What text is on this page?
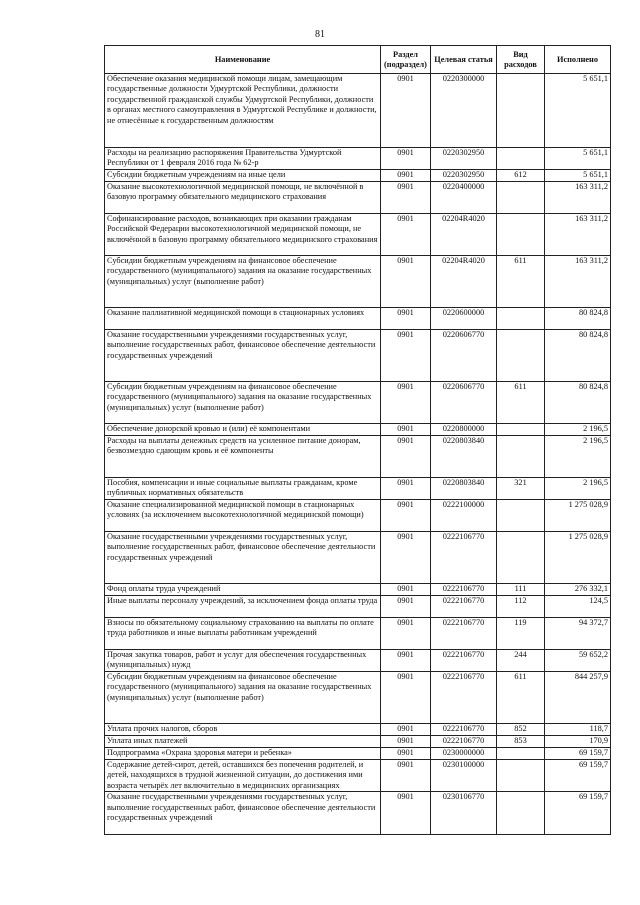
81
Наименование	Раздел (подраздел)	Целевая статья	Вид расходов	Исполнено
Обеспечение оказания медицинской помощи лицам, замещающим государственные должности Удмуртской Республики, должности государственной гражданской службы Удмуртской Республики, должности в органах местного самоуправления в Удмуртской Республике и должности, не отнесённые к государственным должностям	0901	0220300000		5 651,1
Расходы на реализацию распоряжения Правительства Удмуртской Республики от 1 февраля 2016 года № 62-р	0901	0220302950		5 651,1
Субсидии бюджетным учреждениям на иные цели	0901	0220302950	612	5 651,1
Оказание высокотехнологичной медицинской помощи, не включённой в базовую программу обязательного медицинского страхования	0901	0220400000		163 311,2
Софинансирование расходов, возникающих при оказании гражданам Российской Федерации высокотехнологичной медицинской помощи, не включённой в базовую программу обязательного медицинского страхования	0901	02204R4020		163 311,2
Субсидии бюджетным учреждениям на финансовое обеспечение государственного (муниципального) задания на оказание государственных (муниципальных) услуг (выполнение работ)	0901	02204R4020	611	163 311,2
Оказание паллиативной медицинской помощи в стационарных условиях	0901	0220600000		80 824,8
Оказание государственными учреждениями государственных услуг, выполнение государственных работ, финансовое обеспечение деятельности государственных учреждений	0901	0220606770		80 824,8
Субсидии бюджетным учреждениям на финансовое обеспечение государственного (муниципального) задания на оказание государственных (муниципальных) услуг (выполнение работ)	0901	0220606770	611	80 824,8
Обеспечение донорской кровью и (или) её компонентами	0901	0220800000		2 196,5
Расходы на выплаты денежных средств на усиленное питание донорам, безвозмездно сдающим кровь и её компоненты	0901	0220803840		2 196,5
Пособия, компенсации и иные социальные выплаты гражданам, кроме публичных нормативных обязательств	0901	0220803840	321	2 196,5
Оказание специализированной медицинской помощи в стационарных условиях (за исключением высокотехнологичной медицинской помощи)	0901	0222100000		1 275 028,9
Оказание государственными учреждениями государственных услуг, выполнение государственных работ, финансовое обеспечение деятельности государственных учреждений	0901	0222106770		1 275 028,9
Фонд оплаты труда учреждений	0901	0222106770	111	276 332,1
Иные выплаты персоналу учреждений, за исключением фонда оплаты труда	0901	0222106770	112	124,5
Взносы по обязательному социальному страхованию на выплаты по оплате труда работников и иные выплаты работникам учреждений	0901	0222106770	119	94 372,7
Прочая закупка товаров, работ и услуг для обеспечения государственных (муниципальных) нужд	0901	0222106770	244	59 652,2
Субсидии бюджетным учреждениям на финансовое обеспечение государственного (муниципального) задания на оказание государственных (муниципальных) услуг (выполнение работ)	0901	0222106770	611	844 257,9
Уплата прочих налогов, сборов	0901	0222106770	852	118,7
Уплата иных платежей	0901	0222106770	853	170,9
Подпрограмма «Охрана здоровья матери и ребенка»	0901	0230000000		69 159,7
Содержание детей-сирот, детей, оставшихся без попечения родителей, и детей, находящихся в трудной жизненной ситуации, до достижения ими возраста четырёх лет включительно в медицинских организациях	0901	0230100000		69 159,7
Оказание государственными учреждениями государственных услуг, выполнение государственных работ, финансовое обеспечение деятельности государственных учреждений	0901	0230106770		69 159,7
